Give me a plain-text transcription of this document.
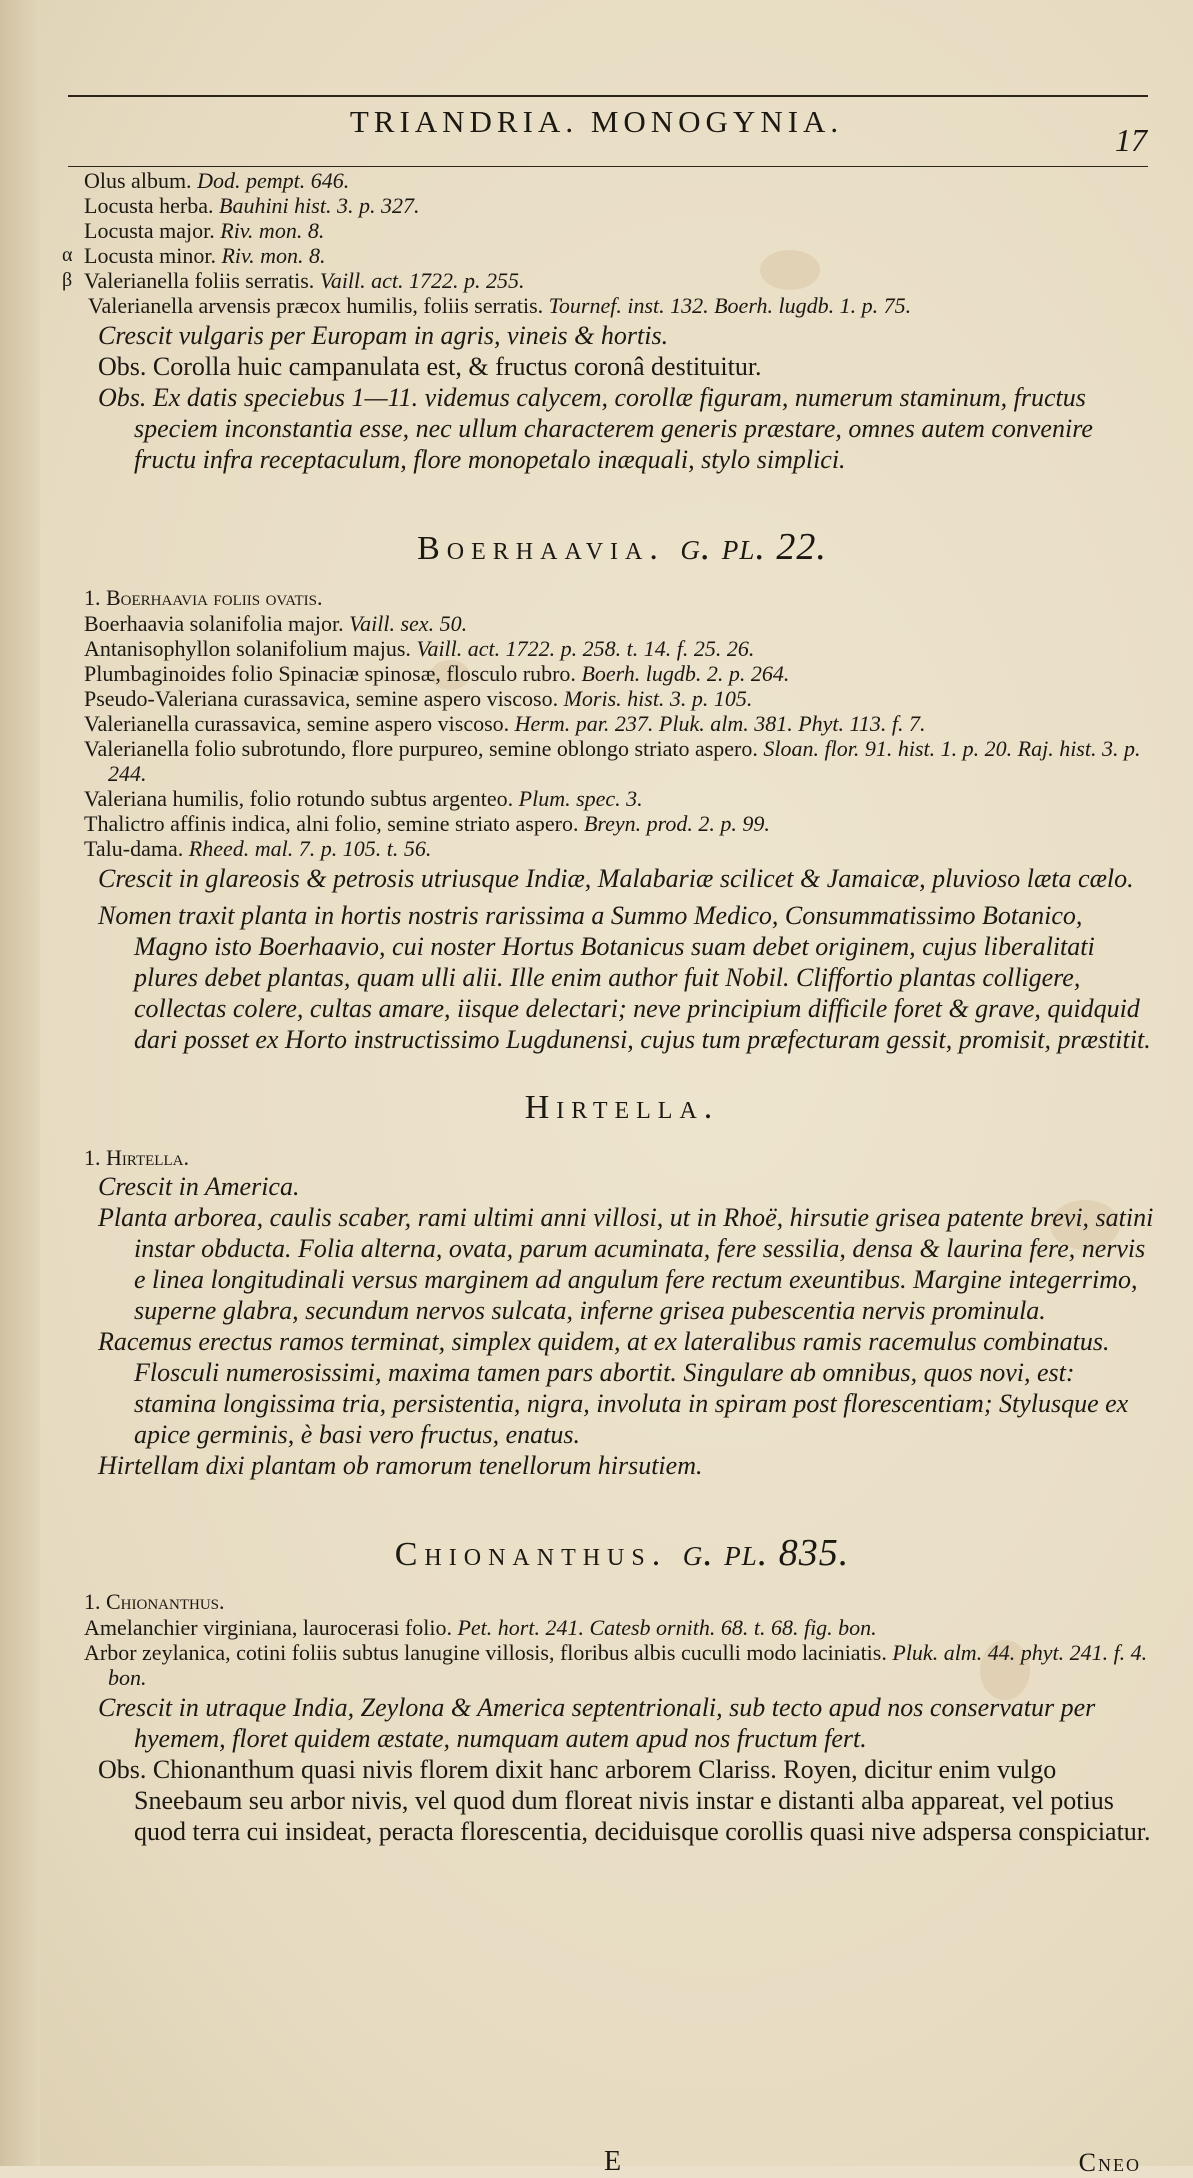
TRIANDRIA. MONOGYNIA.
17
Olus album. Dod. pempt. 646.
Locusta herba. Bauhini hist. 3. p. 327.
Locusta major. Riv. mon. 8.
α Locusta minor. Riv. mon. 8.
β Valerianella foliis serratis. Vaill. act. 1722. p. 255.
Valerianella arvensis præcox humilis, foliis serratis. Tournef. inst. 132. Boerh. lugdb. 1. p. 75.
Crescit vulgaris per Europam in agris, vineis & hortis.
Obs. Corolla huic campanulata est, & fructus coronâ destituitur.
Obs. Ex datis speciebus 1—11. videmus calycem, corollæ figuram, numerum staminum, fructus speciem inconstantia esse, nec ullum characterem generis præstare, omnes autem convenire fructu infra receptaculum, flore monopetalo inæquali, stylo simplici.
Boerhaavia. g. pl. 22.
1. Boerhaavia foliis ovatis.
Boerhaavia solanifolia major. Vaill. sex. 50.
Antanisophyllon solanifolium majus. Vaill. act. 1722. p. 258. t. 14. f. 25. 26.
Plumbaginoides folio Spinaciæ spinosæ, flosculo rubro. Boerh. lugdb. 2. p. 264.
Pseudo-Valeriana curassavica, semine aspero viscoso. Moris. hist. 3. p. 105.
Valerianella curassavica, semine aspero viscoso. Herm. par. 237. Pluk. alm. 381. Phyt. 113. f. 7.
Valerianella folio subrotundo, flore purpureo, semine oblongo striato aspero. Sloan. flor. 91. hist. 1. p. 20. Raj. hist. 3. p. 244.
Valeriana humilis, folio rotundo subtus argenteo. Plum. spec. 3.
Thalictro affinis indica, alni folio, semine striato aspero. Breyn. prod. 2. p. 99.
Talu-dama. Rheed. mal. 7. p. 105. t. 56.
Crescit in glareosis & petrosis utriusque Indiæ, Malabariæ scilicet & Jamaicæ, pluvioso læta cælo.
Nomen traxit planta in hortis nostris rarissima a Summo Medico, Consummatissimo Botanico, Magno isto Boerhaavio, cui noster Hortus Botanicus suam debet originem, cujus liberalitati plures debet plantas, quam ulli alii. Ille enim author fuit Nobil. Cliffortio plantas colligere, collectas colere, cultas amare, iisque delectari; neve principium difficile foret & grave, quidquid dari posset ex Horto instructissimo Lugdunensi, cujus tum præfecturam gessit, promisit, præstitit.
Hirtella.
1. Hirtella.
Crescit in America.
Planta arborea, caulis scaber, rami ultimi anni villosi, ut in Rhoë, hirsutie grisea patente brevi, satini instar obducta. Folia alterna, ovata, parum acuminata, fere sessilia, densa & laurina fere, nervis e linea longitudinali versus marginem ad angulum fere rectum exeuntibus. Margine integerrimo, superne glabra, secundum nervos sulcata, inferne grisea pubescentia nervis prominula.
Racemus erectus ramos terminat, simplex quidem, at ex lateralibus ramis racemulus combinatus. Flosculi numerosissimi, maxima tamen pars abortit. Singulare ab omnibus, quos novi, est: stamina longissima tria, persistentia, nigra, involuta in spiram post florescentiam; Stylusque ex apice germinis, è basi vero fructus, enatus.
Hirtellam dixi plantam ob ramorum tenellorum hirsutiem.
Chionanthus. g. pl. 835.
1. Chionanthus.
Amelanchier virginiana, laurocerasi folio. Pet. hort. 241. Catesb ornith. 68. t. 68. fig. bon.
Arbor zeylanica, cotini foliis subtus lanugine villosis, floribus albis cuculli modo laciniatis. Pluk. alm. 44. phyt. 241. f. 4. bon.
Crescit in utraque India, Zeylona & America septentrionali, sub tecto apud nos conservatur per hyemem, floret quidem æstate, numquam autem apud nos fructum fert.
Obs. Chionanthum quasi nivis florem dixit hanc arborem Clariss. Royen, dicitur enim vulgo Sneebaum seu arbor nivis, vel quod dum floreat nivis instar e distanti alba appareat, vel potius quod terra cui insideat, peracta florescentia, deciduisque corollis quasi nive adspersa conspiciatur.
E	Cneo
